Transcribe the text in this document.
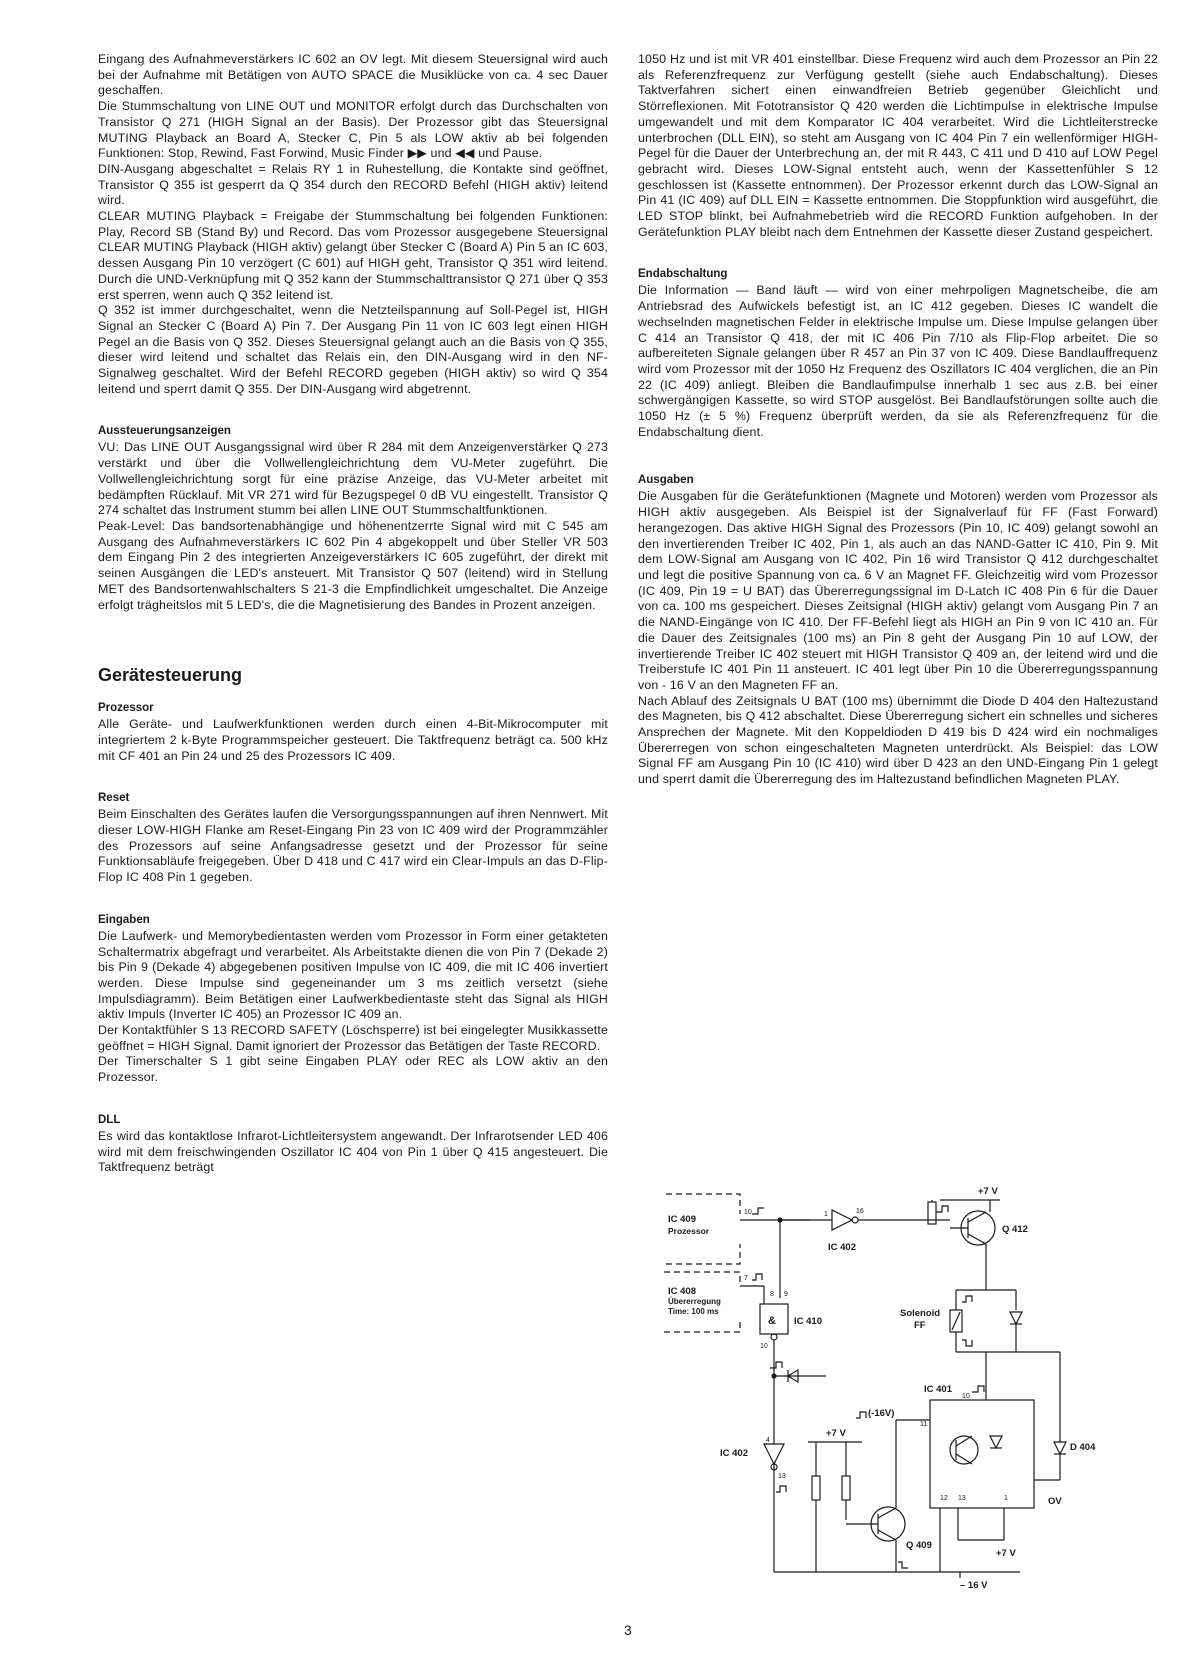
Eingang des Aufnahmeverstärkers IC 602 an OV legt. Mit diesem Steuersignal wird auch bei der Aufnahme mit Betätigen von AUTO SPACE die Musiklücke von ca. 4 sec Dauer geschaffen.

Die Stummschaltung von LINE OUT und MONITOR erfolgt durch das Durchschalten von Transistor Q 271 (HIGH Signal an der Basis). Der Prozessor gibt das Steuersignal MUTING Playback an Board A, Stecker C, Pin 5 als LOW aktiv ab bei folgenden Funktionen: Stop, Rewind, Fast Forwind, Music Finder ▶▶ und ◀◀ und Pause.

DIN-Ausgang abgeschaltet = Relais RY 1 in Ruhestellung, die Kontakte sind geöffnet, Transistor Q 355 ist gesperrt da Q 354 durch den RECORD Befehl (HIGH aktiv) leitend wird.

CLEAR MUTING Playback = Freigabe der Stummschaltung bei folgenden Funktionen: Play, Record SB (Stand By) und Record. Das vom Prozessor ausgegebene Steuersignal CLEAR MUTING Playback (HIGH aktiv) gelangt über Stecker C (Board A) Pin 5 an IC 603, dessen Ausgang Pin 10 verzögert (C 601) auf HIGH geht, Transistor Q 351 wird leitend. Durch die UND-Verknüpfung mit Q 352 kann der Stummschalttransistor Q 271 über Q 353 erst sperren, wenn auch Q 352 leitend ist.

Q 352 ist immer durchgeschaltet, wenn die Netzteilspannung auf Soll-Pegel ist, HIGH Signal an Stecker C (Board A) Pin 7. Der Ausgang Pin 11 von IC 603 legt einen HIGH Pegel an die Basis von Q 352. Dieses Steuersignal gelangt auch an die Basis von Q 355, dieser wird leitend und schaltet das Relais ein, den DIN-Ausgang wird in den NF-Signalweg geschaltet. Wird der Befehl RECORD gegeben (HIGH aktiv) so wird Q 354 leitend und sperrt damit Q 355. Der DIN-Ausgang wird abgetrennt.

Aussteuerungsanzeigen

VU: Das LINE OUT Ausgangssignal wird über R 284 mit dem Anzeigenverstärker Q 273 verstärkt und über die Vollwellengleichrichtung dem VU-Meter zugeführt. Die Vollwellengleichrichtung sorgt für eine präzise Anzeige, das VU-Meter arbeitet mit bedämpften Rücklauf. Mit VR 271 wird für Bezugspegel 0 dB VU eingestellt. Transistor Q 274 schaltet das Instrument stumm bei allen LINE OUT Stummschaltfunktionen.

Peak-Level: Das bandsortenabhängige und höhenentzerrte Signal wird mit C 545 am Ausgang des Aufnahmeverstärkers IC 602 Pin 4 abgekoppelt und über Steller VR 503 dem Eingang Pin 2 des integrierten Anzeigeverstärkers IC 605 zugeführt, der direkt mit seinen Ausgängen die LED's ansteuert. Mit Transistor Q 507 (leitend) wird in Stellung MET des Bandsortenwahlschalters S 21-3 die Empfindlichkeit umgeschaltet. Die Anzeige erfolgt trägheitslos mit 5 LED's, die die Magnetisierung des Bandes in Prozent anzeigen.

Gerätesteuerung
Prozessor

Alle Geräte- und Laufwerkfunktionen werden durch einen 4-Bit-Mikrocomputer mit integriertem 2 k-Byte Programmspeicher gesteuert. Die Taktfrequenz beträgt ca. 500 kHz mit CF 401 an Pin 24 und 25 des Prozessors IC 409.

Reset

Beim Einschalten des Gerätes laufen die Versorgungsspannungen auf ihren Nennwert. Mit dieser LOW-HIGH Flanke am Reset-Eingang Pin 23 von IC 409 wird der Programmzähler des Prozessors auf seine Anfangsadresse gesetzt und der Prozessor für seine Funktionsabläufe freigegeben. Über D 418 und C 417 wird ein Clear-Impuls an das D-Flip-Flop IC 408 Pin 1 gegeben.

Eingaben

Die Laufwerk- und Memorybedientasten werden vom Prozessor in Form einer getakteten Schaltermatrix abgefragt und verarbeitet. Als Arbeitstakte dienen die von Pin 7 (Dekade 2) bis Pin 9 (Dekade 4) abgegebenen positiven Impulse von IC 409, die mit IC 406 invertiert werden. Diese Impulse sind gegeneinander um 3 ms zeitlich versetzt (siehe Impulsdiagramm). Beim Betätigen einer Laufwerkbedientaste steht das Signal als HIGH aktiv Impuls (Inverter IC 405) an Prozessor IC 409 an.

Der Kontaktfühler S 13 RECORD SAFETY (Löschsperre) ist bei eingelegter Musikkassette geöffnet = HIGH Signal. Damit ignoriert der Prozessor das Betätigen der Taste RECORD.

Der Timerschalter S 1 gibt seine Eingaben PLAY oder REC als LOW aktiv an den Prozessor.

DLL

Es wird das kontaktlose Infrarot-Lichtleitersystem angewandt. Der Infrarotsender LED 406 wird mit dem freischwingenden Oszillator IC 404 von Pin 1 über Q 415 angesteuert. Die Taktfrequenz beträgt

1050 Hz und ist mit VR 401 einstellbar. Diese Frequenz wird auch dem Prozessor an Pin 22 als Referenzfrequenz zur Verfügung gestellt (siehe auch Endabschaltung). Dieses Taktverfahren sichert einen einwandfreien Betrieb gegenüber Gleichlicht und Störreflexionen. Mit Fototransistor Q 420 werden die Lichtimpulse in elektrische Impulse umgewandelt und mit dem Komparator IC 404 verarbeitet. Wird die Lichtleiterstrecke unterbrochen (DLL EIN), so steht am Ausgang von IC 404 Pin 7 ein wellenförmiger HIGH-Pegel für die Dauer der Unterbrechung an, der mit R 443, C 411 und D 410 auf LOW Pegel gebracht wird. Dieses LOW-Signal entsteht auch, wenn der Kassettenfühler S 12 geschlossen ist (Kassette entnommen). Der Prozessor erkennt durch das LOW-Signal an Pin 41 (IC 409) auf DLL EIN = Kassette entnommen. Die Stoppfunktion wird ausgeführt, die LED STOP blinkt, bei Aufnahmebetrieb wird die RECORD Funktion aufgehoben. In der Gerätefunktion PLAY bleibt nach dem Entnehmen der Kassette dieser Zustand gespeichert.

Endabschaltung

Die Information — Band läuft — wird von einer mehrpoligen Magnetscheibe, die am Antriebsrad des Aufwickels befestigt ist, an IC 412 gegeben. Dieses IC wandelt die wechselnden magnetischen Felder in elektrische Impulse um. Diese Impulse gelangen über C 414 an Transistor Q 418, der mit IC 406 Pin 7/10 als Flip-Flop arbeitet. Die so aufbereiteten Signale gelangen über R 457 an Pin 37 von IC 409. Diese Bandlauffrequenz wird vom Prozessor mit der 1050 Hz Frequenz des Oszillators IC 404 verglichen, die an Pin 22 (IC 409) anliegt. Bleiben die Bandlaufimpulse innerhalb 1 sec aus z.B. bei einer schwergängigen Kassette, so wird STOP ausgelöst. Bei Bandlaufstörungen sollte auch die 1050 Hz (± 5 %) Frequenz überprüft werden, da sie als Referenzfrequenz für die Endabschaltung dient.

Ausgaben

Die Ausgaben für die Gerätefunktionen (Magnete und Motoren) werden vom Prozessor als HIGH aktiv ausgegeben. Als Beispiel ist der Signalverlauf für FF (Fast Forward) herangezogen. Das aktive HIGH Signal des Prozessors (Pin 10, IC 409) gelangt sowohl an den invertierenden Treiber IC 402, Pin 1, als auch an das NAND-Gatter IC 410, Pin 9. Mit dem LOW-Signal am Ausgang von IC 402, Pin 16 wird Transistor Q 412 durchgeschaltet und legt die positive Spannung von ca. 6 V an Magnet FF. Gleichzeitig wird vom Prozessor (IC 409, Pin 19 = U BAT) das Übererregungssignal im D-Latch IC 408 Pin 6 für die Dauer von ca. 100 ms gespeichert. Dieses Zeitsignal (HIGH aktiv) gelangt vom Ausgang Pin 7 an die NAND-Eingänge von IC 410. Der FF-Befehl liegt als HIGH an Pin 9 von IC 410 an. Für die Dauer des Zeitsignales (100 ms) an Pin 8 geht der Ausgang Pin 10 auf LOW, der invertierende Treiber IC 402 steuert mit HIGH Transistor Q 409 an, der leitend wird und die Treiberstufe IC 401 Pin 11 ansteuert. IC 401 legt über Pin 10 die Übererregungsspannung von - 16 V an den Magneten FF an.

Nach Ablauf des Zeitsignals U BAT (100 ms) übernimmt die Diode D 404 den Haltezustand des Magneten, bis Q 412 abschaltet. Diese Übererregung sichert ein schnelles und sicheres Ansprechen der Magnete. Mit den Koppeldioden D 419 bis D 424 wird ein nochmaliges Übererregen von schon eingeschalteten Magneten unterdrückt. Als Beispiel: das LOW Signal FF am Ausgang Pin 10 (IC 410) wird über D 423 an den UND-Eingang Pin 1 gelegt und sperrt damit die Übererregung des im Haltezustand befindlichen Magneten PLAY.

IC 409
Prozessor
10	1	16
IC 402
+7 V
Q 412
IC 408
Übererregung
Time: 100 ms
7
8 9
& IC 410
10
Solenoid
FF
IC 401
10
(-16V)
11
12 13	1
D 404
OV
4
IC 402
13
+7 V
Q 409
+7 V
– 16 V
3
